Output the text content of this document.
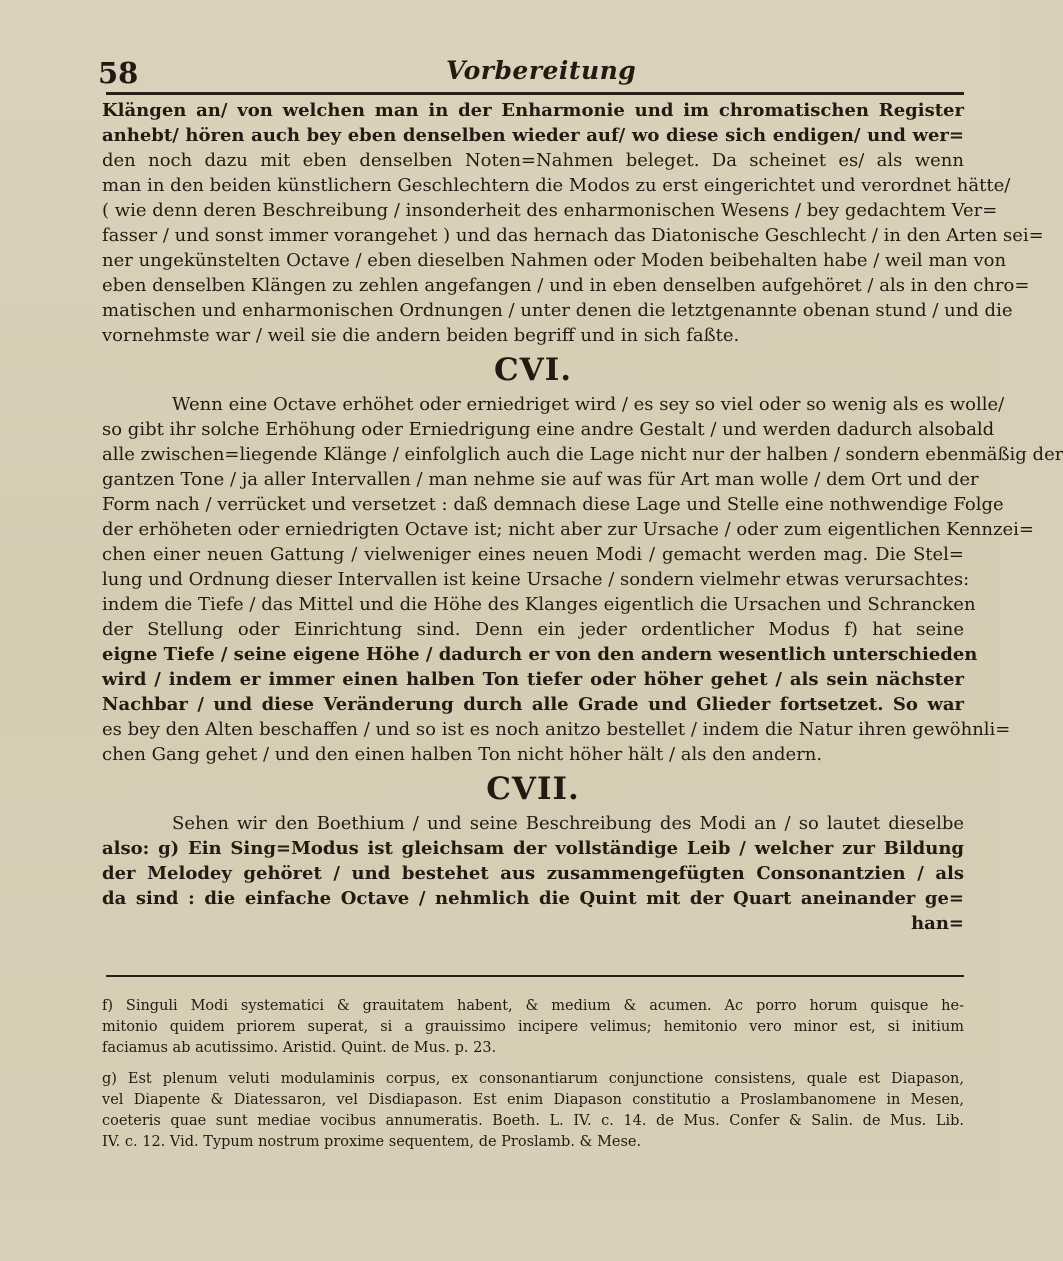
58	Vorbereitung
Klängen an/ von welchen man in der Enharmonie und im chromatischen Register
anhebt/ hören auch bey eben denselben wieder auf/ wo diese sich endigen/ und wer=
den noch dazu mit eben denselben Noten=Nahmen beleget. Da scheinet es/ als wenn
man in den beiden künstlichern Geschlechtern die Modos zu erst eingerichtet und verordnet hätte/
( wie denn deren Beschreibung / insonderheit des enharmonischen Wesens / bey gedachtem Ver=
fasser / und sonst immer vorangehet ) und das hernach das Diatonische Geschlecht / in den Arten sei=
ner ungekünstelten Octave / eben dieselben Nahmen oder Moden beibehalten habe / weil man von
eben denselben Klängen zu zehlen angefangen / und in eben denselben aufgehöret / als in den chro=
matischen und enharmonischen Ordnungen / unter denen die letztgenannte obenan stund / und die
vornehmste war / weil sie die andern beiden begriff und in sich faßte.
CVI.
Wenn eine Octave erhöhet oder erniedriget wird / es sey so viel oder so wenig als es wolle/
so gibt ihr solche Erhöhung oder Erniedrigung eine andre Gestalt / und werden dadurch alsobald
alle zwischen=liegende Klänge / einfolglich auch die Lage nicht nur der halben / sondern ebenmäßig der
gantzen Tone / ja aller Intervallen / man nehme sie auf was für Art man wolle / dem Ort und der
Form nach / verrücket und versetzet : daß demnach diese Lage und Stelle eine nothwendige Folge
der erhöheten oder erniedrigten Octave ist; nicht aber zur Ursache / oder zum eigentlichen Kennzei=
chen einer neuen Gattung / vielweniger eines neuen Modi / gemacht werden mag. Die Stel=
lung und Ordnung dieser Intervallen ist keine Ursache / sondern vielmehr etwas verursachtes:
indem die Tiefe / das Mittel und die Höhe des Klanges eigentlich die Ursachen und Schrancken
der Stellung oder Einrichtung sind. Denn ein jeder ordentlicher Modus f) hat seine
eigne Tiefe / seine eigene Höhe / dadurch er von den andern wesentlich unterschieden
wird / indem er immer einen halben Ton tiefer oder höher gehet / als sein nächster
Nachbar / und diese Veränderung durch alle Grade und Glieder fortsetzet. So war
es bey den Alten beschaffen / und so ist es noch anitzo bestellet / indem die Natur ihren gewöhnli=
chen Gang gehet / und den einen halben Ton nicht höher hält / als den andern.
CVII.
Sehen wir den Boethium / und seine Beschreibung des Modi an / so lautet dieselbe
also: g) Ein Sing=Modus ist gleichsam der vollständige Leib / welcher zur Bildung
der Melodey gehöret / und bestehet aus zusammengefügten Consonantzien / als
da sind : die einfache Octave / nehmlich die Quint mit der Quart aneinander ge=
han=
f) Singuli Modi systematici & grauitatem habent, & medium & acumen. Ac porro horum quisque he-
mitonio quidem priorem superat, si a grauissimo incipere velimus; hemitonio vero minor est, si initium
faciamus ab acutissimo. Aristid. Quint. de Mus. p. 23.
g) Est plenum veluti modulaminis corpus, ex consonantiarum conjunctione consistens, quale est Diapason,
vel Diapente & Diatessaron, vel Disdiapason. Est enim Diapason constitutio a Proslambanomene in Mesen,
coeteris quae sunt mediae vocibus annumeratis. Boeth. L. IV. c. 14. de Mus. Confer & Salin. de Mus. Lib.
IV. c. 12. Vid. Typum nostrum proxime sequentem, de Proslamb. & Mese.
